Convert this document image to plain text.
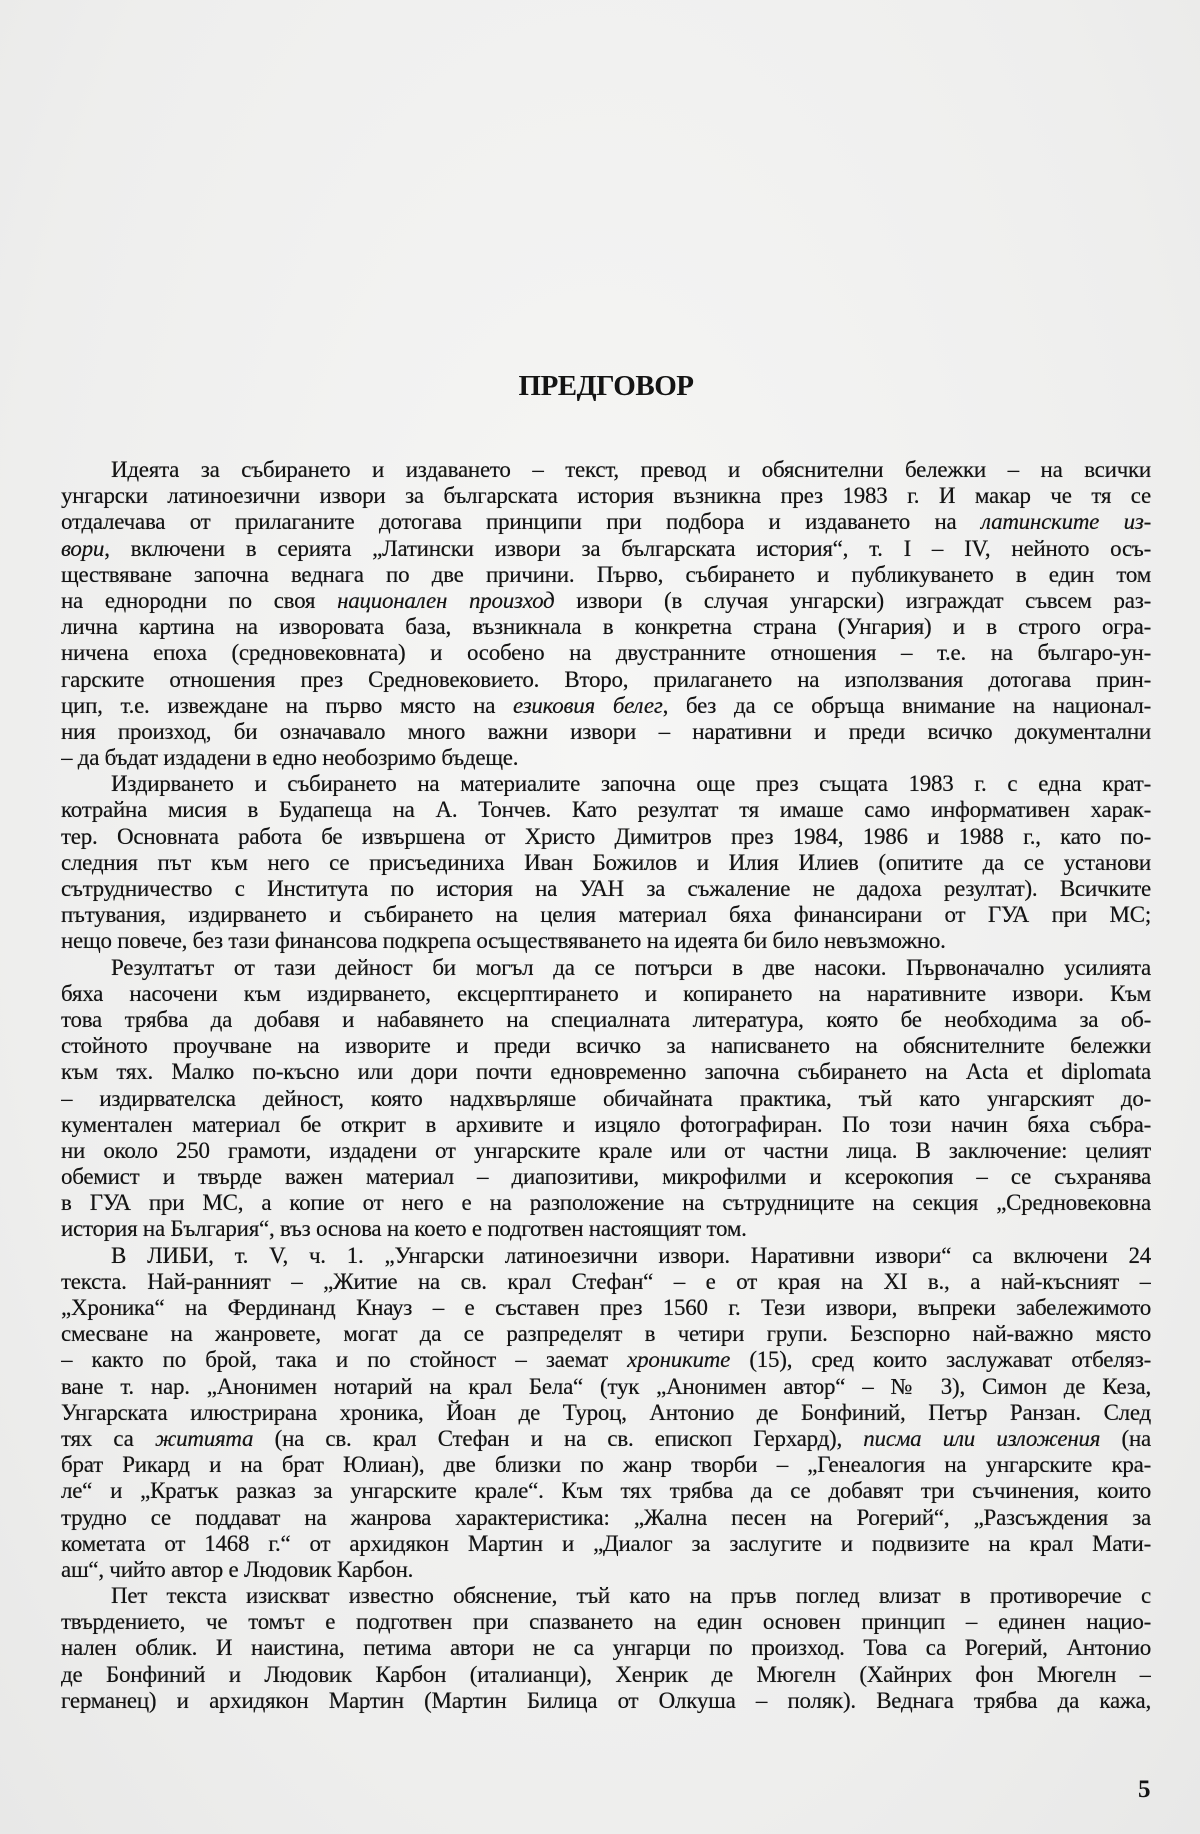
ПРЕДГОВОР
Идеята за събирането и издаването – текст, превод и обяснителни бележки – на всички
унгарски латиноезични извори за българската история възникна през 1983 г. И макар че тя се
отдалечава от прилаганите дотогава принципи при подбора и издаването на латинските из-
вори, включени в серията „Латински извори за българската история“, т. I – IV, нейното осъ-
ществяване започна веднага по две причини. Първо, събирането и публикуването в един том
на еднородни по своя национален произход извори (в случая унгарски) изграждат съвсем раз-
лична картина на изворовата база, възникнала в конкретна страна (Унгария) и в строго огра-
ничена епоха (средновековната) и особено на двустранните отношения – т.е. на българо-ун-
гарските отношения през Средновековието. Второ, прилагането на използвания дотогава прин-
цип, т.е. извеждане на първо място на езиковия белег, без да се обръща внимание на национал-
ния произход, би означавало много важни извори – наративни и преди всичко документални
– да бъдат издадени в едно необозримо бъдеще.
Издирването и събирането на материалите започна още през същата 1983 г. с една крат-
котрайна мисия в Будапеща на А. Тончев. Като резултат тя имаше само информативен харак-
тер. Основната работа бе извършена от Христо Димитров през 1984, 1986 и 1988 г., като по-
следния път към него се присъединиха Иван Божилов и Илия Илиев (опитите да се установи
сътрудничество с Института по история на УАН за съжаление не дадоха резултат). Всичките
пътувания, издирването и събирането на целия материал бяха финансирани от ГУА при МС;
нещо повече, без тази финансова подкрепа осъществяването на идеята би било невъзможно.
Резултатът от тази дейност би могъл да се потърси в две насоки. Първоначално усилията
бяха насочени към издирването, ексцерптирането и копирането на наративните извори. Към
това трябва да добавя и набавянето на специалната литература, която бе необходима за об-
стойното проучване на изворите и преди всичко за написването на обяснителните бележки
към тях. Малко по-късно или дори почти едновременно започна събирането на Acta et diplomata
– издирвателска дейност, която надхвърляше обичайната практика, тъй като унгарският до-
кументален материал бе открит в архивите и изцяло фотографиран. По този начин бяха събра-
ни около 250 грамоти, издадени от унгарските крале или от частни лица. В заключение: целият
обемист и твърде важен материал – диапозитиви, микрофилми и ксерокопия – се съхранява
в ГУА при МС, а копие от него е на разположение на сътрудниците на секция „Средновековна
история на България“, въз основа на което е подготвен настоящият том.
В ЛИБИ, т. V, ч. 1. „Унгарски латиноезични извори. Наративни извори“ са включени 24
текста. Най-ранният – „Житие на св. крал Стефан“ – е от края на XI в., а най-късният –
„Хроника“ на Фердинанд Кнауз – е съставен през 1560 г. Тези извори, въпреки забележимото
смесване на жанровете, могат да се разпределят в четири групи. Безспорно най-важно място
– както по брой, така и по стойност – заемат хрониките (15), сред които заслужават отбеляз-
ване т. нар. „Анонимен нотарий на крал Бела“ (тук „Анонимен автор“ – № 3), Симон де Кеза,
Унгарската илюстрирана хроника, Йоан де Туроц, Антонио де Бонфиний, Петър Ранзан. След
тях са житията (на св. крал Стефан и на св. епископ Герхард), писма или изложения (на
брат Рикард и на брат Юлиан), две близки по жанр творби – „Генеалогия на унгарските кра-
ле“ и „Кратък разказ за унгарските крале“. Към тях трябва да се добавят три съчинения, които
трудно се поддават на жанрова характеристика: „Жална песен на Рогерий“, „Разсъждения за
кометата от 1468 г.“ от архидякон Мартин и „Диалог за заслугите и подвизите на крал Мати-
аш“, чийто автор е Людовик Карбон.
Пет текста изискват известно обяснение, тъй като на пръв поглед влизат в противоречие с
твърдението, че томът е подготвен при спазването на един основен принцип – единен нацио-
нален облик. И наистина, петима автори не са унгарци по произход. Това са Рогерий, Антонио
де Бонфиний и Людовик Карбон (италианци), Хенрик де Мюгелн (Хайнрих фон Мюгелн –
германец) и архидякон Мартин (Мартин Билица от Олкуша – поляк). Веднага трябва да кажа,
5
